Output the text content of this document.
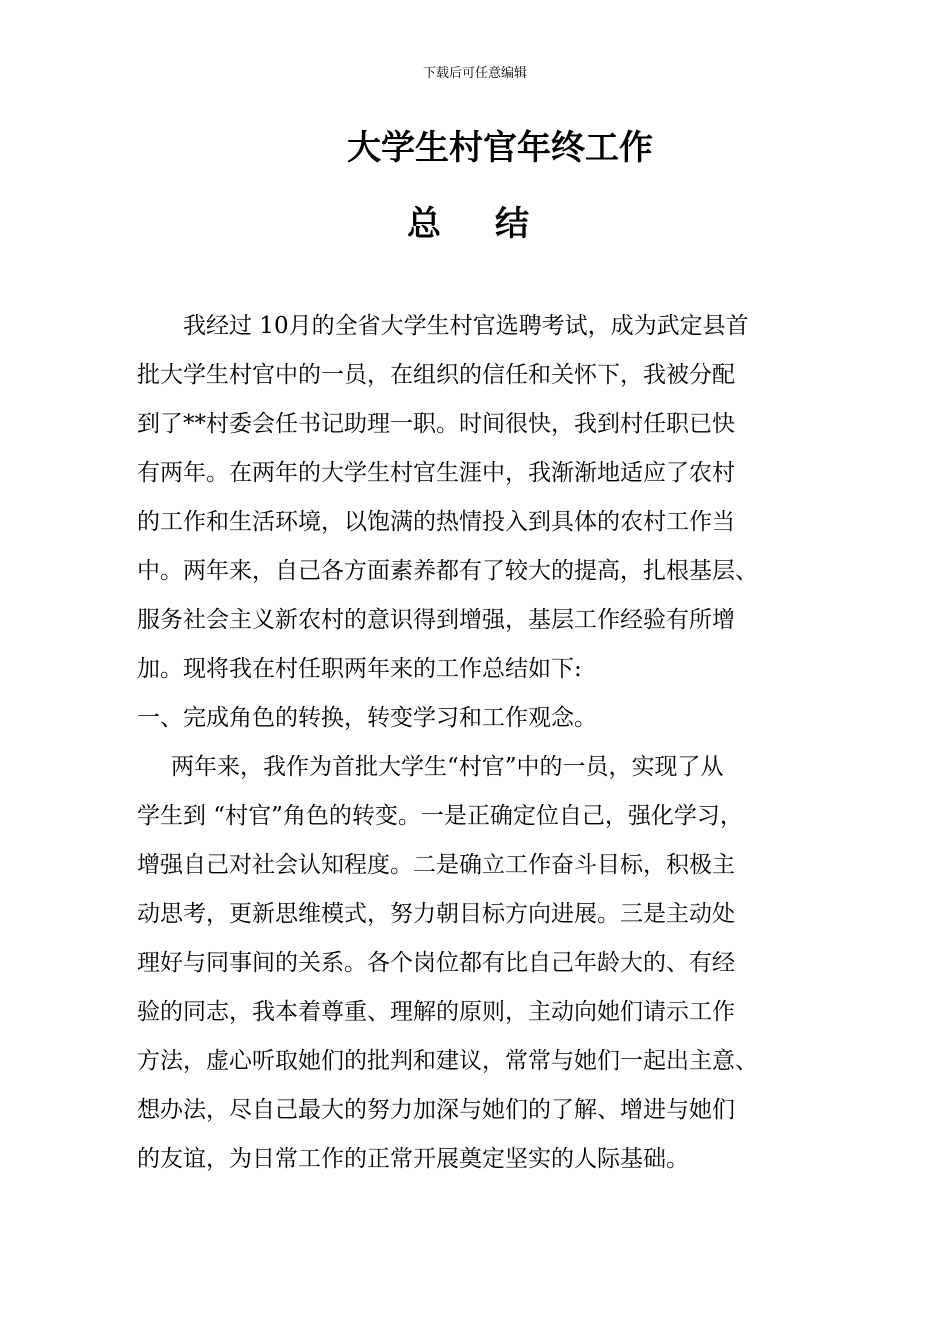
下载后可任意编辑
大学生村官年终工作
总结
我经过 10月的全省大学生村官选聘考试，成为武定县首
批大学生村官中的一员，在组织的信任和关怀下，我被分配
到了**村委会任书记助理一职。时间很快，我到村任职已快
有两年。在两年的大学生村官生涯中，我渐渐地适应了农村
的工作和生活环境，以饱满的热情投入到具体的农村工作当
中。两年来，自己各方面素养都有了较大的提高，扎根基层、
服务社会主义新农村的意识得到增强，基层工作经验有所增
加。现将我在村任职两年来的工作总结如下:
一、完成角色的转换，转变学习和工作观念。
两年来，我作为首批大学生“村官”中的一员，实现了从
学生到 “村官”角色的转变。一是正确定位自己，强化学习，
增强自己对社会认知程度。二是确立工作奋斗目标，积极主
动思考，更新思维模式，努力朝目标方向进展。三是主动处
理好与同事间的关系。各个岗位都有比自己年龄大的、有经
验的同志，我本着尊重、理解的原则，主动向她们请示工作
方法，虚心听取她们的批判和建议，常常与她们一起出主意、
想办法，尽自己最大的努力加深与她们的了解、增进与她们
的友谊，为日常工作的正常开展奠定坚实的人际基础。
